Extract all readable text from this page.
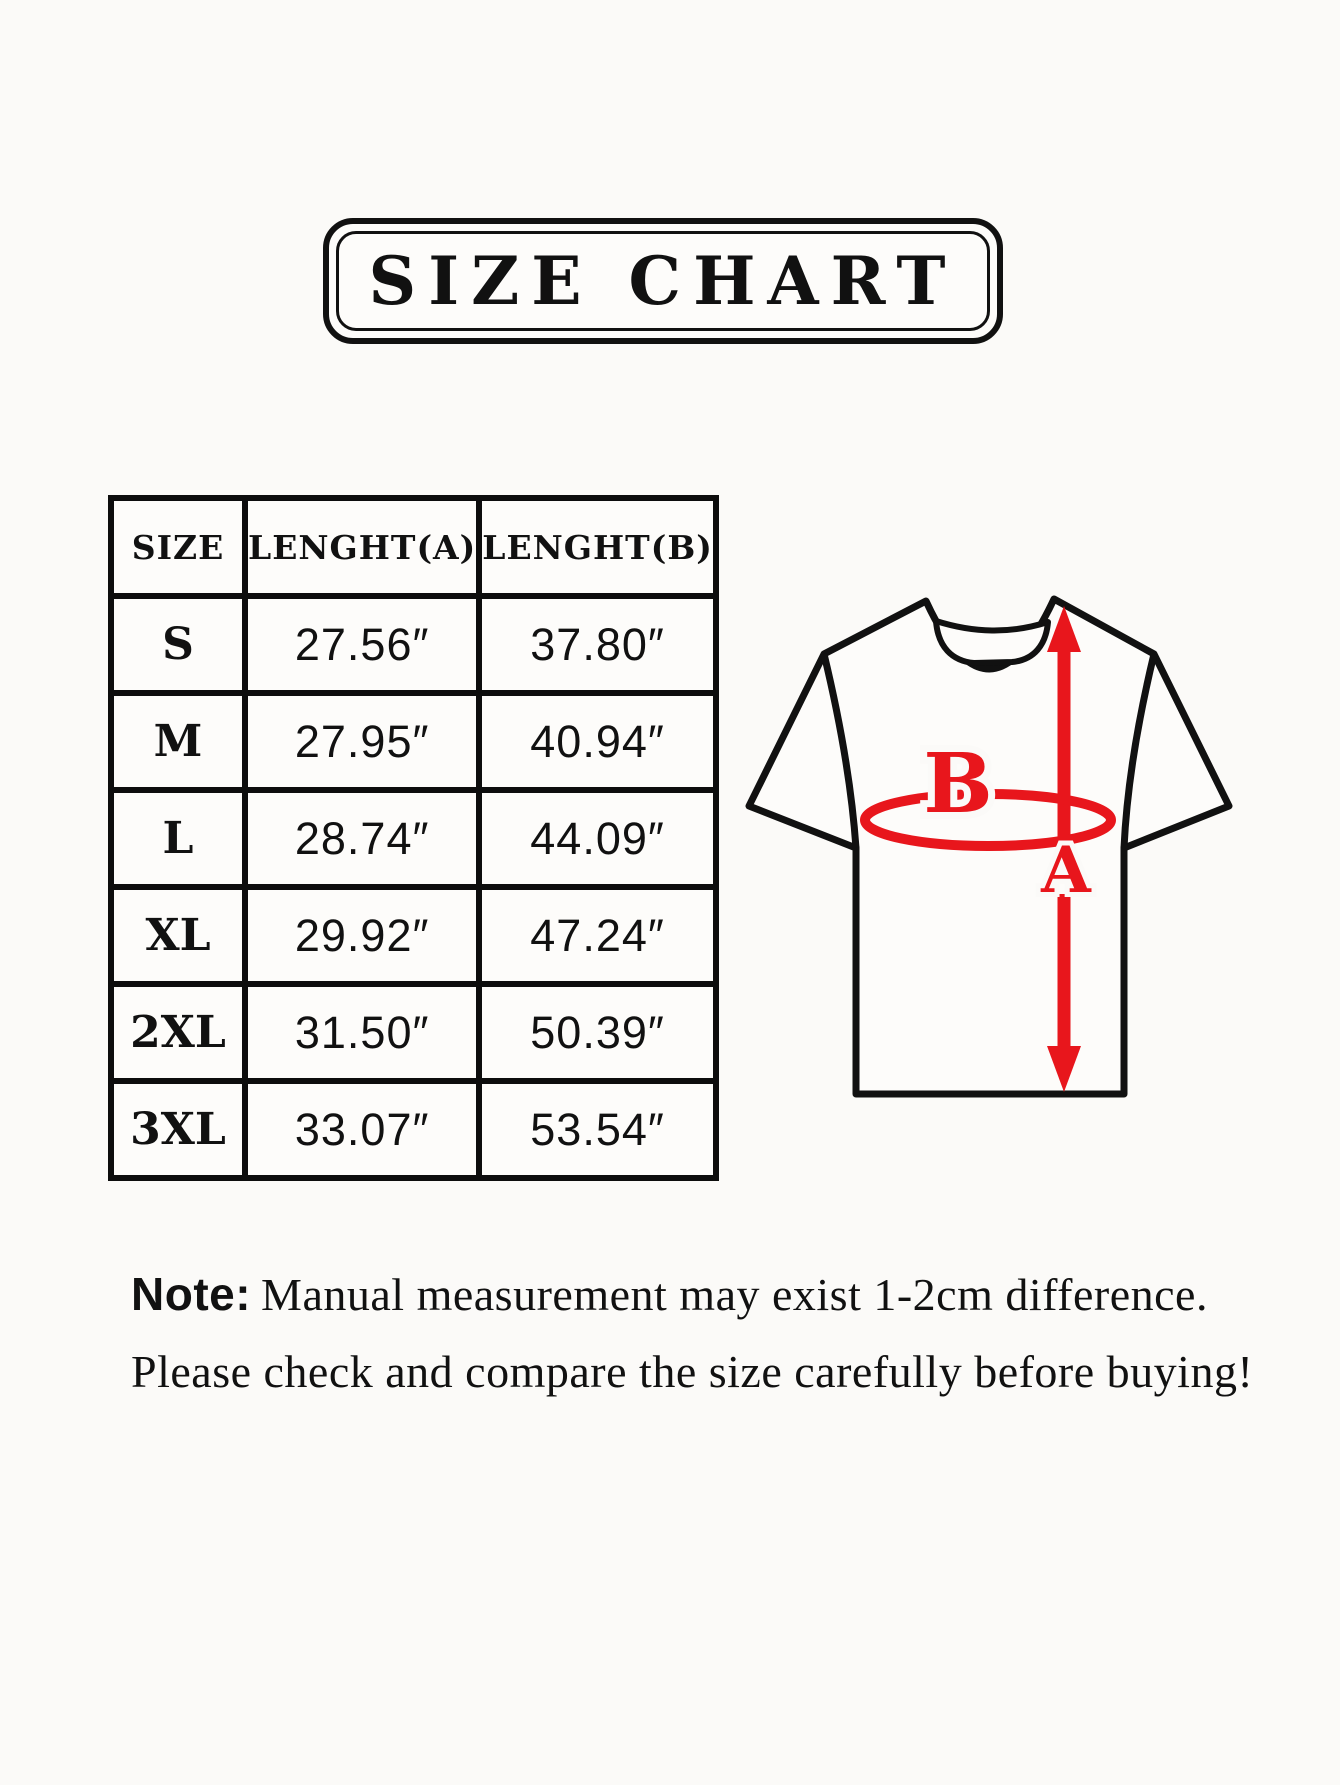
SIZE CHART
SIZE	LENGHT(A)	LENGHT(B)
S	27.56″	37.80″
M	27.95″	40.94″
L	28.74″	44.09″
XL	29.92″	47.24″
2XL	31.50″	50.39″
3XL	33.07″	53.54″
B
A

Note: Manual measurement may exist 1-2cm difference.

Please check and compare the size carefully before buying!
